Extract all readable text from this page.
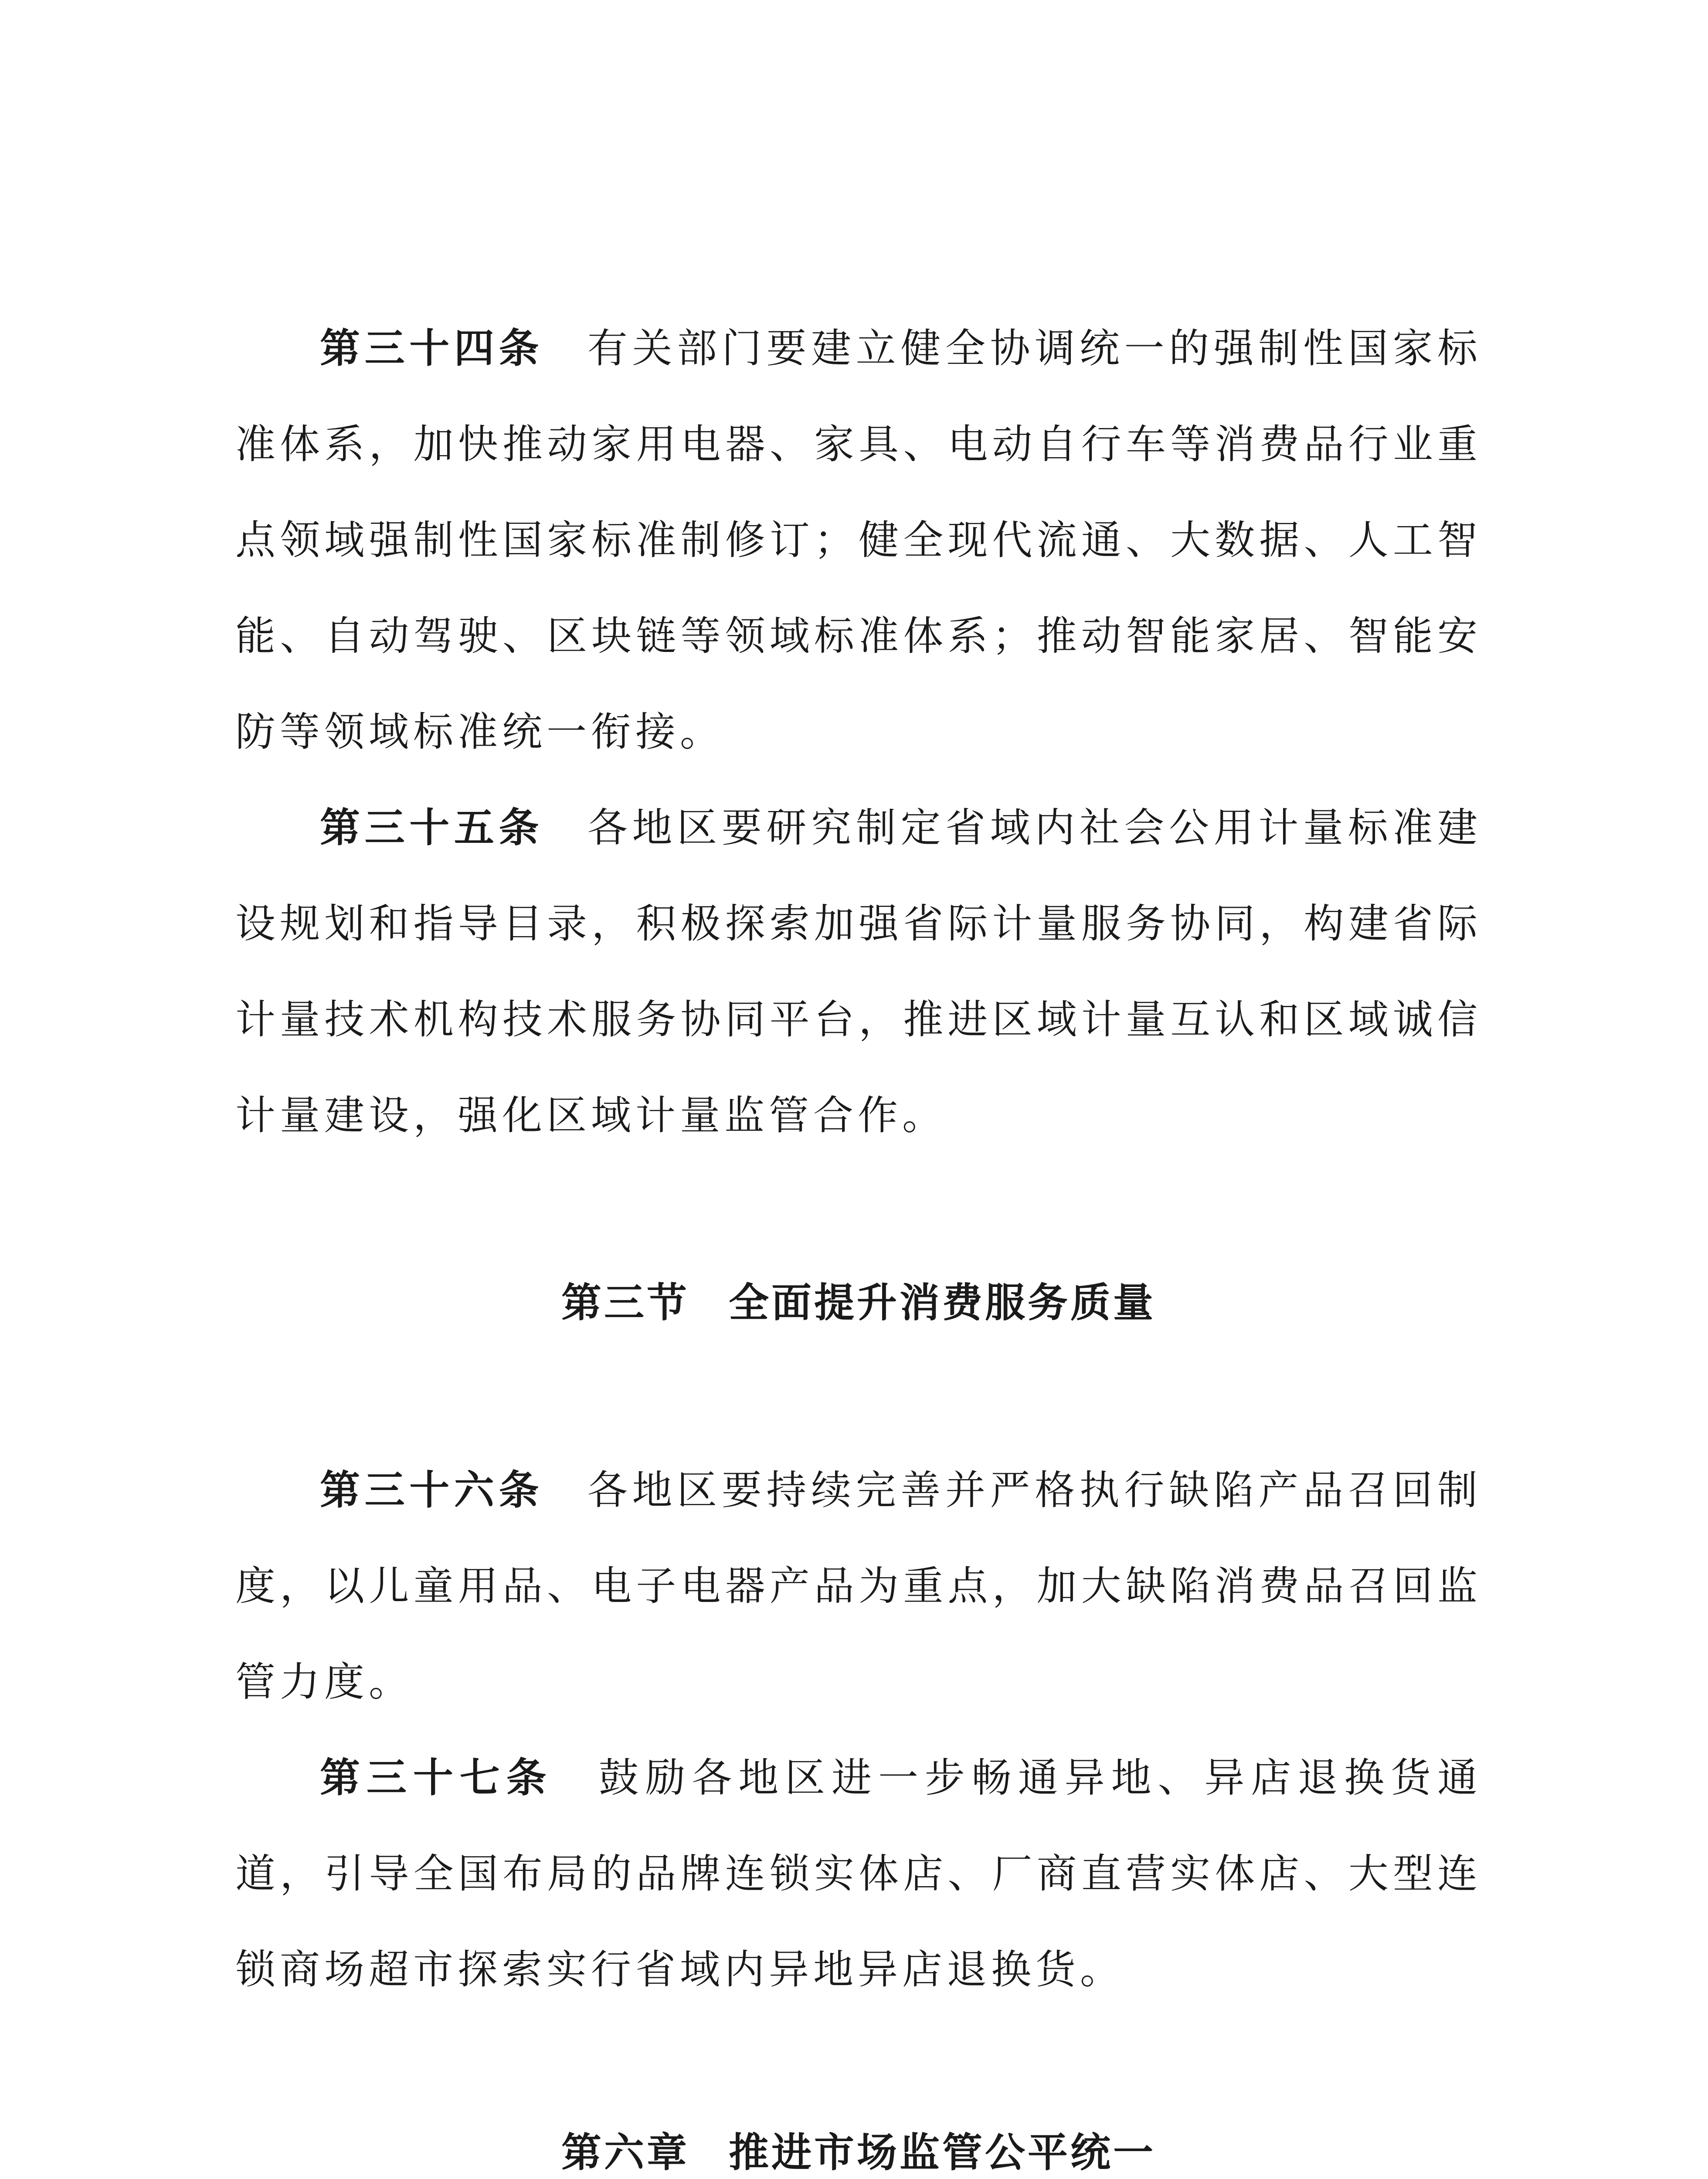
第三十四条 有关部门要建立健全协调统一的强制性国家标准体系，加快推动家用电器、家具、电动自行车等消费品行业重点领域强制性国家标准制修订；健全现代流通、大数据、人工智能、自动驾驶、区块链等领域标准体系；推动智能家居、智能安防等领域标准统一衔接。

第三十五条 各地区要研究制定省域内社会公用计量标准建设规划和指导目录，积极探索加强省际计量服务协同，构建省际计量技术机构技术服务协同平台，推进区域计量互认和区域诚信计量建设，强化区域计量监管合作。

第三节 全面提升消费服务质量

第三十六条 各地区要持续完善并严格执行缺陷产品召回制度，以儿童用品、电子电器产品为重点，加大缺陷消费品召回监管力度。

第三十七条 鼓励各地区进一步畅通异地、异店退换货通道，引导全国布局的品牌连锁实体店、厂商直营实体店、大型连锁商场超市探索实行省域内异地异店退换货。

第六章 推进市场监管公平统一
